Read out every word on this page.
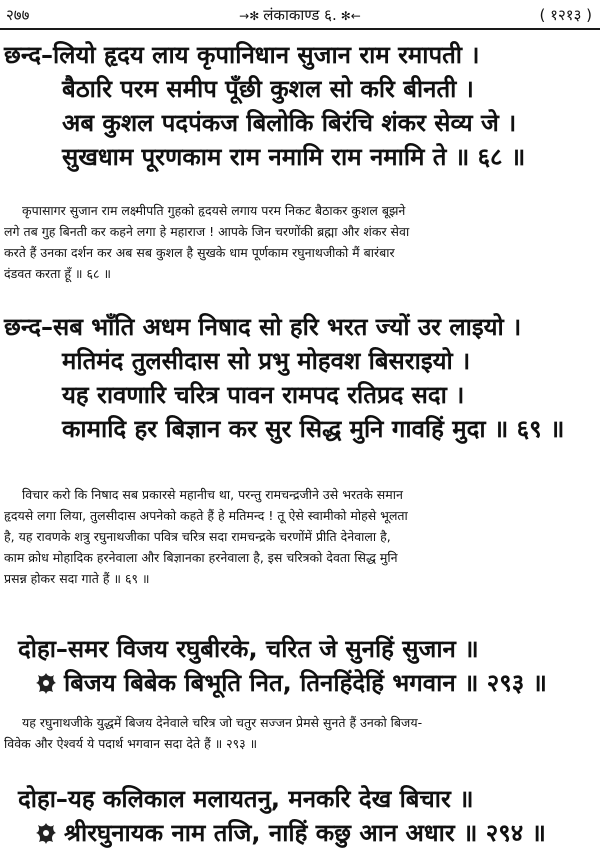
२७७	→✻ लंकाकाण्ड ६. ✻←	( १२१३ )
छन्द–लियो हृदय लाय कृपानिधान सुजान राम रमापती ।
बैठारि परम समीप पूँछी कुशल सो करि बीनती ।
अब कुशल पदपंकज बिलोकि बिरंचि शंकर सेव्य जे ।
सुखधाम पूरणकाम राम नमामि राम नमामि ते ॥ ६८ ॥
कृपासागर सुजान राम लक्ष्मीपति गुहको हृदयसे लगाय परम निकट बैठाकर कुशल बूझने
लगे तब गुह बिनती कर कहने लगा हे महाराज ! आपके जिन चरणोंकी ब्रह्मा और शंकर सेवा
करते हैं उनका दर्शन कर अब सब कुशल है सुखके धाम पूर्णकाम रघुनाथजीको मैं बारंबार
दंडवत करता हूँ ॥ ६८ ॥
छन्द–सब भाँति अधम निषाद सो हरि भरत ज्यों उर लाइयो ।
मतिमंद तुलसीदास सो प्रभु मोहवश बिसराइयो ।
यह रावणारि चरित्र पावन रामपद रतिप्रद सदा ।
कामादि हर बिज्ञान कर सुर सिद्ध मुनि गावहिं मुदा ॥ ६९ ॥
विचार करो कि निषाद सब प्रकारसे महानीच था, परन्तु रामचन्द्रजीने उसे भरतके समान
हृदयसे लगा लिया, तुलसीदास अपनेको कहते हैं हे मतिमन्द ! तू ऐसे स्वामीको मोहसे भूलता
है, यह रावणके शत्रु रघुनाथजीका पवित्र चरित्र सदा रामचन्द्रके चरणोंमें प्रीति देनेवाला है,
काम क्रोध मोहादिक हरनेवाला और बिज्ञानका हरनेवाला है, इस चरित्रको देवता सिद्ध मुनि
प्रसन्न होकर सदा गाते हैं ॥ ६९ ॥
दोहा–समर विजय रघुबीरके, चरित जे सुनहिं सुजान ॥
बिजय बिबेक बिभूति नित, तिनहिंदेहिं भगवान ॥ २९३ ॥
यह रघुनाथजीके युद्धमें बिजय देनेवाले चरित्र जो चतुर सज्जन प्रेमसे सुनते हैं उनको बिजय-
विवेक और ऐश्वर्य ये पदार्थ भगवान सदा देते हैं ॥ २९३ ॥
दोहा–यह कलिकाल मलायतनु, मनकरि देख बिचार ॥
श्रीरघुनायक नाम तजि, नाहिं कछु आन अधार ॥ २९४ ॥
